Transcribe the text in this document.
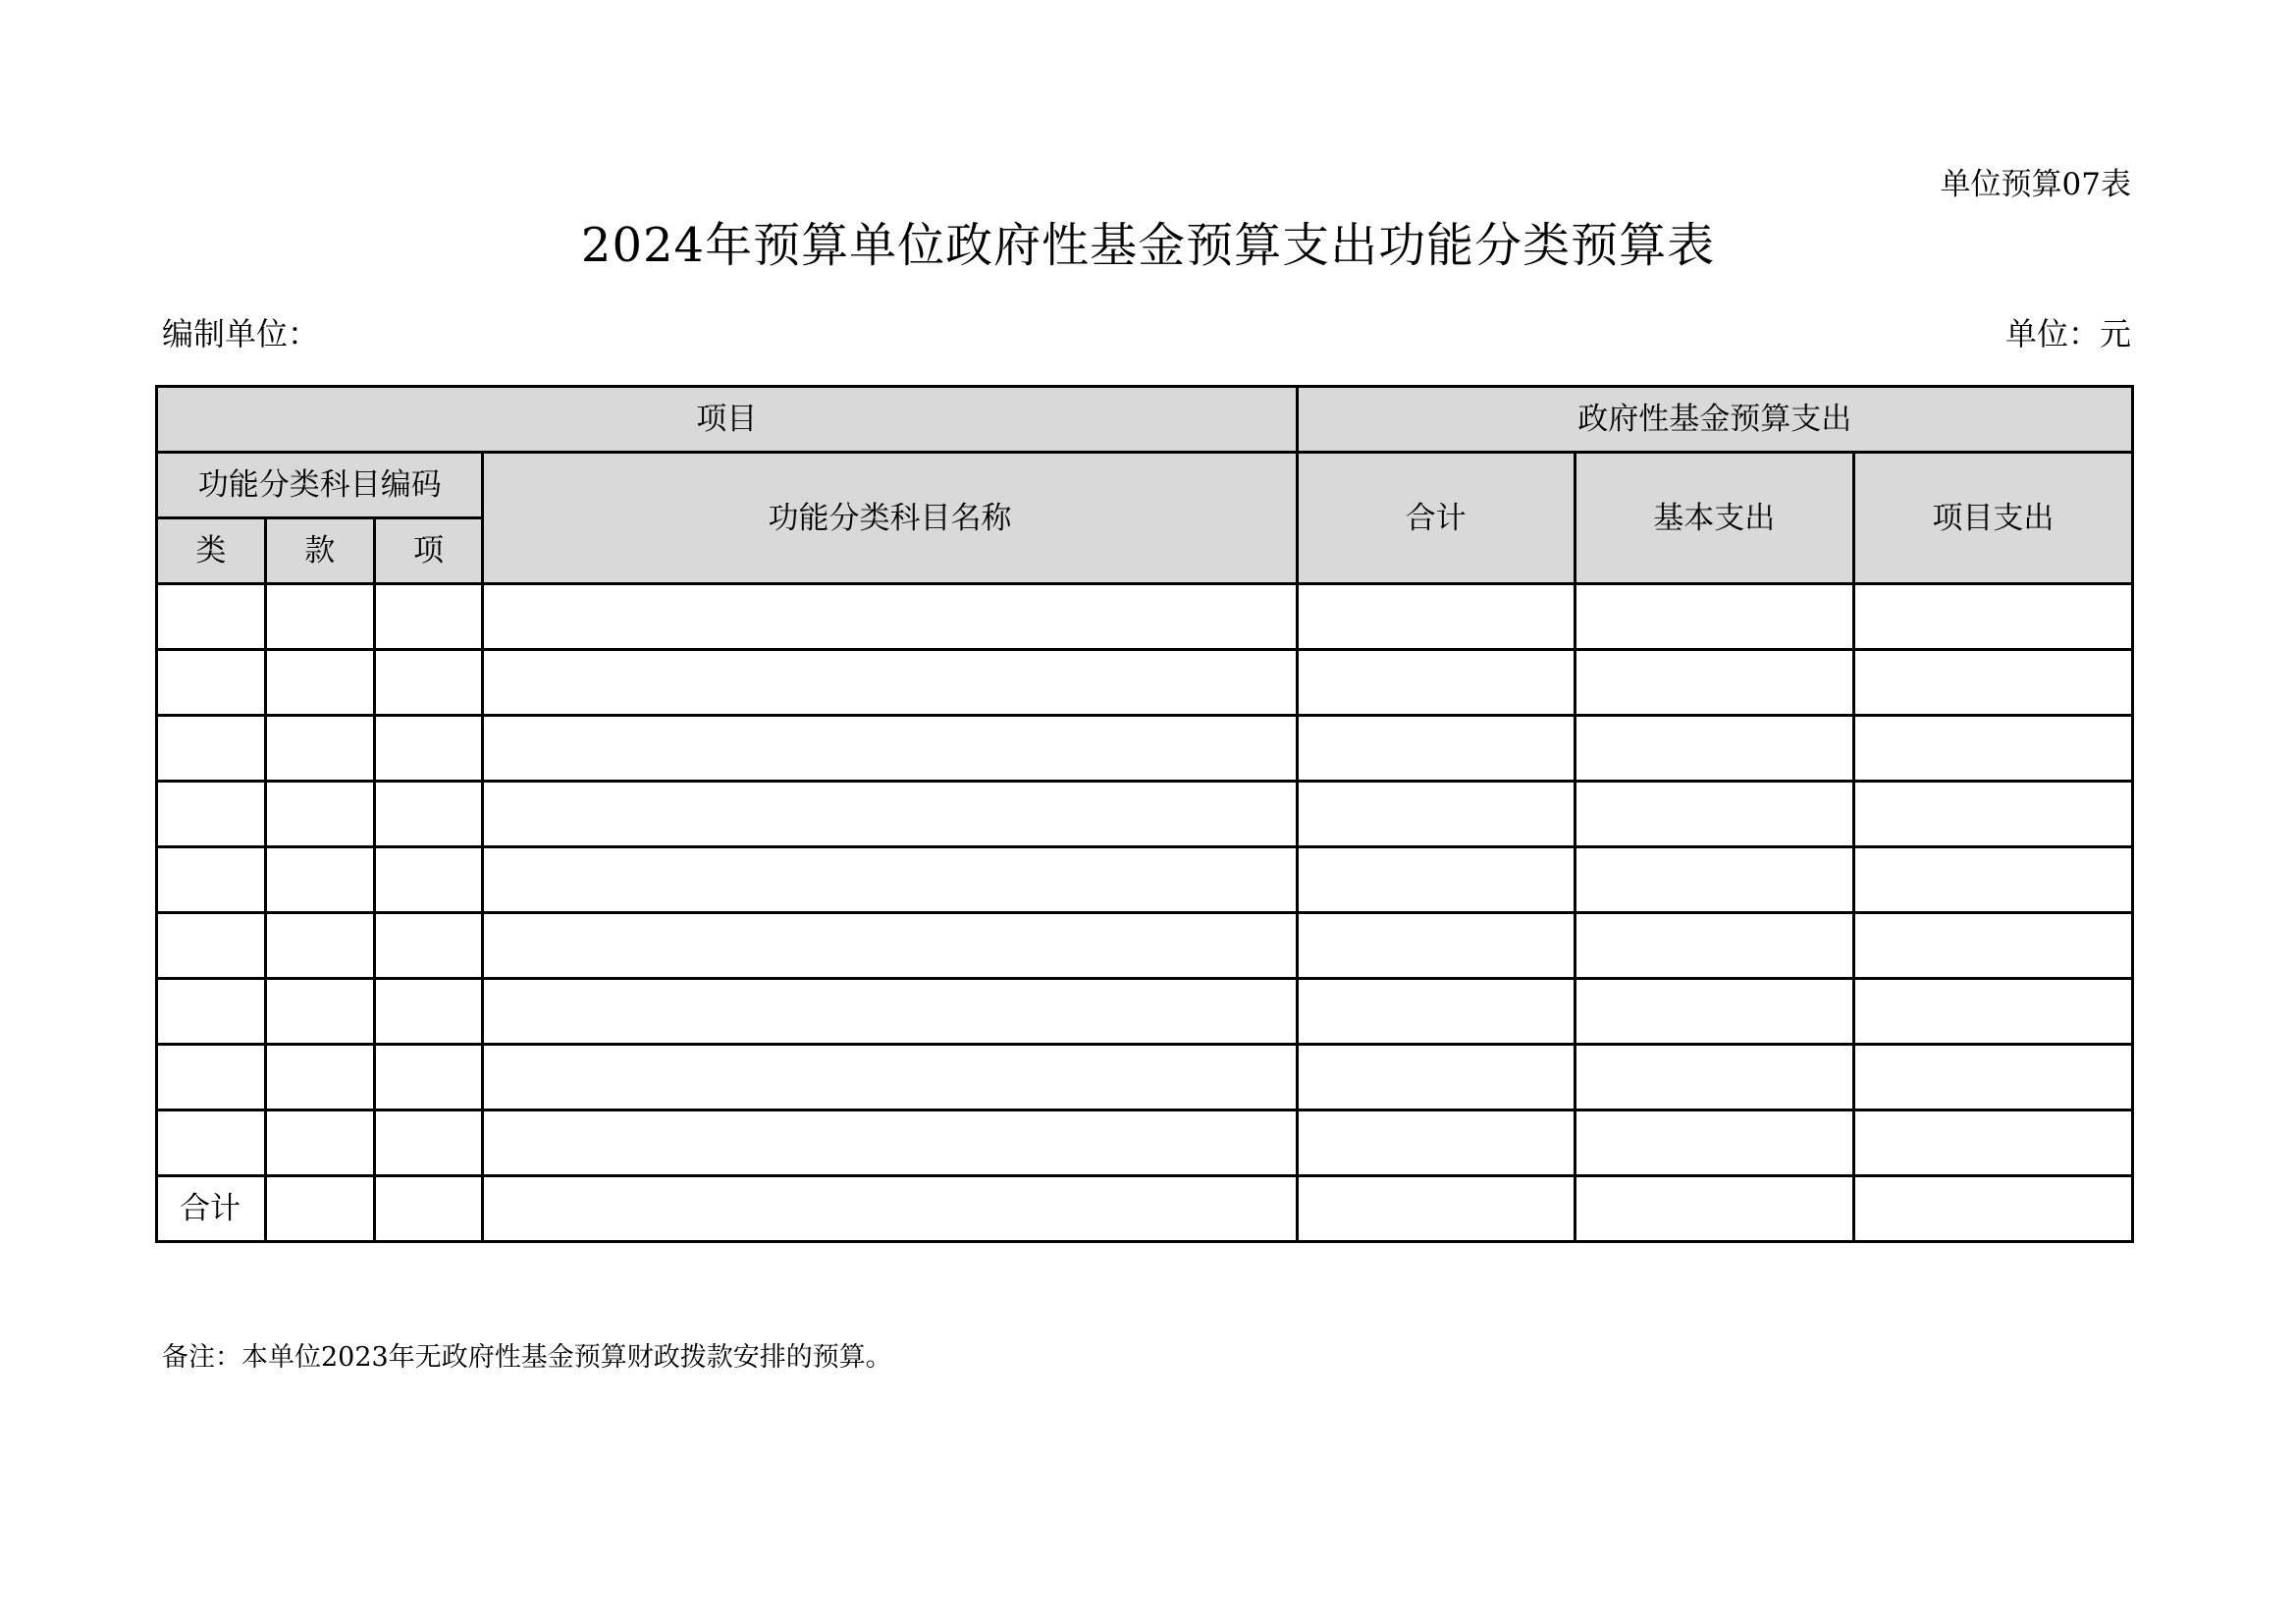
单位预算07表
2024年预算单位政府性基金预算支出功能分类预算表
编制单位：	单位：元
项目				政府性基金预算支出		
功能分类科目编码			功能分类科目名称	合计	基本支出	项目支出
类	款	项				

合计						
备注：本单位2023年无政府性基金预算财政拨款安排的预算。
